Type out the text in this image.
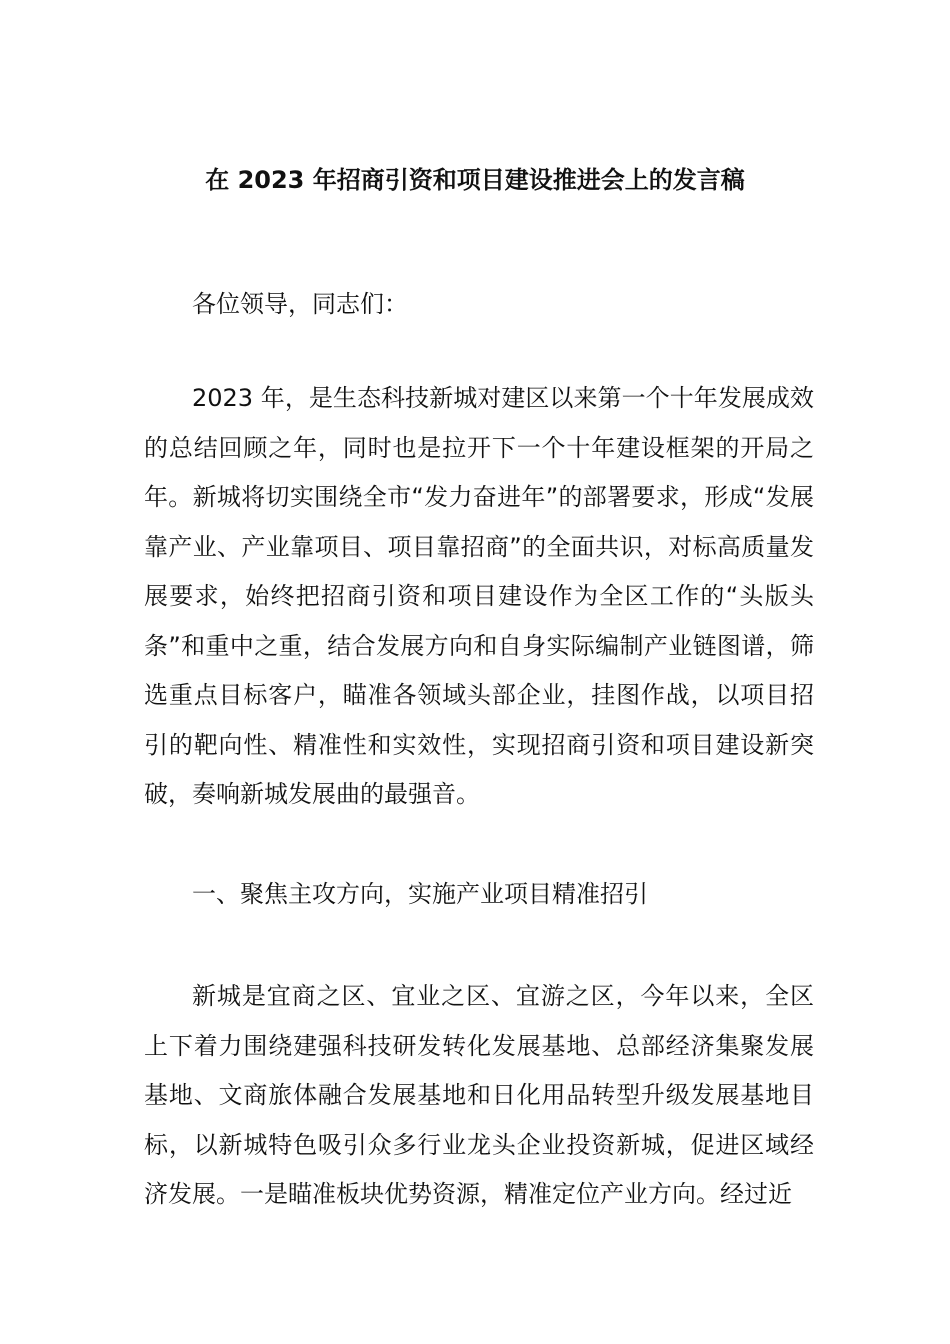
在 2023 年招商引资和项目建设推进会上的发言稿

各位领导，同志们：

2023 年，是生态科技新城对建区以来第一个十年发展成效的总结回顾之年，同时也是拉开下一个十年建设框架的开局之年。新城将切实围绕全市“发力奋进年”的部署要求，形成“发展靠产业、产业靠项目、项目靠招商”的全面共识，对标高质量发展要求，始终把招商引资和项目建设作为全区工作的“头版头条”和重中之重，结合发展方向和自身实际编制产业链图谱，筛选重点目标客户，瞄准各领域头部企业，挂图作战，以项目招引的靶向性、精准性和实效性，实现招商引资和项目建设新突破，奏响新城发展曲的最强音。

一、聚焦主攻方向，实施产业项目精准招引

新城是宜商之区、宜业之区、宜游之区，今年以来，全区上下着力围绕建强科技研发转化发展基地、总部经济集聚发展基地、文商旅体融合发展基地和日化用品转型升级发展基地目标，以新城特色吸引众多行业龙头企业投资新城，促进区域经济发展。一是瞄准板块优势资源，精准定位产业方向。经过近
